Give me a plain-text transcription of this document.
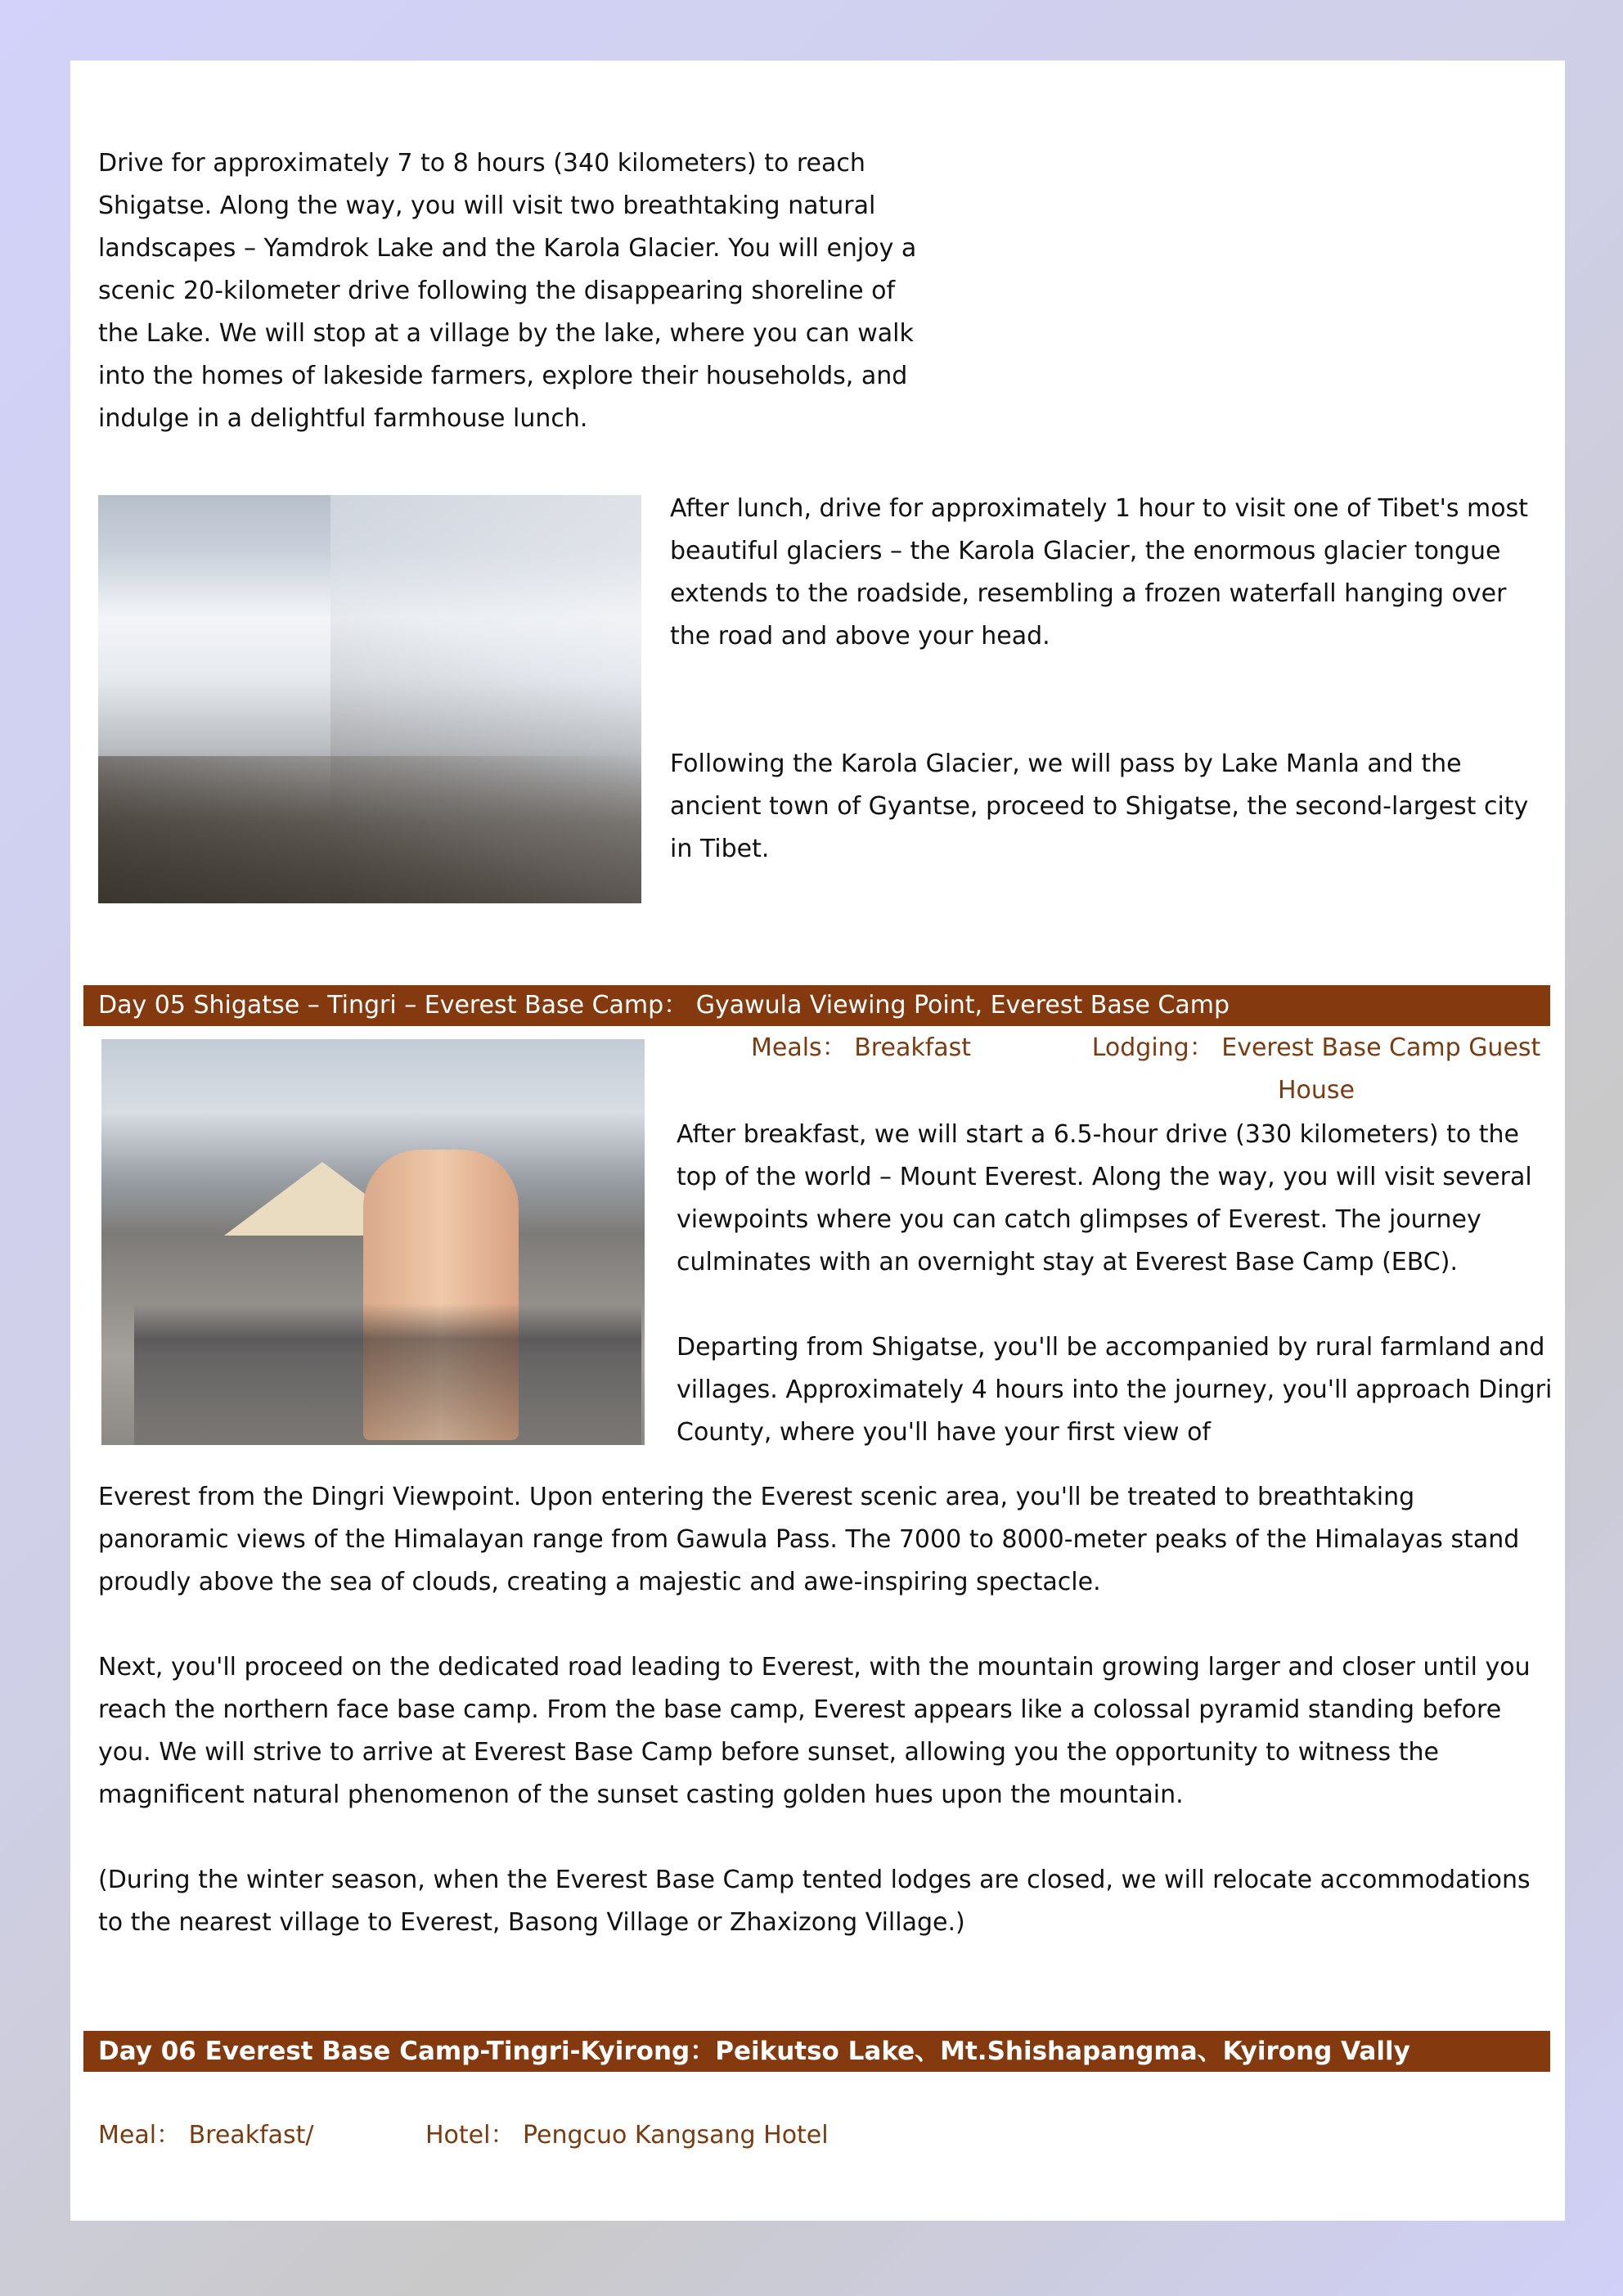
Drive for approximately 7 to 8 hours (340 kilometers) to reach Shigatse. Along the way, you will visit two breathtaking natural landscapes – Yamdrok Lake and the Karola Glacier. You will enjoy a scenic 20-kilometer drive following the disappearing shoreline of the Lake. We will stop at a village by the lake, where you can walk into the homes of lakeside farmers, explore their households, and indulge in a delightful farmhouse lunch.

After lunch, drive for approximately 1 hour to visit one of Tibet's most beautiful glaciers – the Karola Glacier, the enormous glacier tongue extends to the roadside, resembling a frozen waterfall hanging over the road and above your head.

Following the Karola Glacier, we will pass by Lake Manla and the ancient town of Gyantse, proceed to Shigatse, the second-largest city in Tibet.

Day 05 Shigatse – Tingri – Everest Base Camp： Gyawula Viewing Point, Everest Base Camp
Meals： Breakfast	Lodging： Everest Base Camp Guest House

After breakfast, we will start a 6.5-hour drive (330 kilometers) to the top of the world – Mount Everest. Along the way, you will visit several viewpoints where you can catch glimpses of Everest. The journey culminates with an overnight stay at Everest Base Camp (EBC).

Departing from Shigatse, you'll be accompanied by rural farmland and villages. Approximately 4 hours into the journey, you'll approach Dingri County, where you'll have your first view of

Everest from the Dingri Viewpoint. Upon entering the Everest scenic area, you'll be treated to breathtaking panoramic views of the Himalayan range from Gawula Pass. The 7000 to 8000-meter peaks of the Himalayas stand proudly above the sea of clouds, creating a majestic and awe-inspiring spectacle.

Next, you'll proceed on the dedicated road leading to Everest, with the mountain growing larger and closer until you reach the northern face base camp. From the base camp, Everest appears like a colossal pyramid standing before you. We will strive to arrive at Everest Base Camp before sunset, allowing you the opportunity to witness the magnificent natural phenomenon of the sunset casting golden hues upon the mountain.

(During the winter season, when the Everest Base Camp tented lodges are closed, we will relocate accommodations to the nearest village to Everest, Basong Village or Zhaxizong Village.)

Day 06 Everest Base Camp-Tingri-Kyirong：Peikutso Lake、Mt.Shishapangma、Kyirong Vally
Meal： Breakfast/	Hotel： Pengcuo Kangsang Hotel
